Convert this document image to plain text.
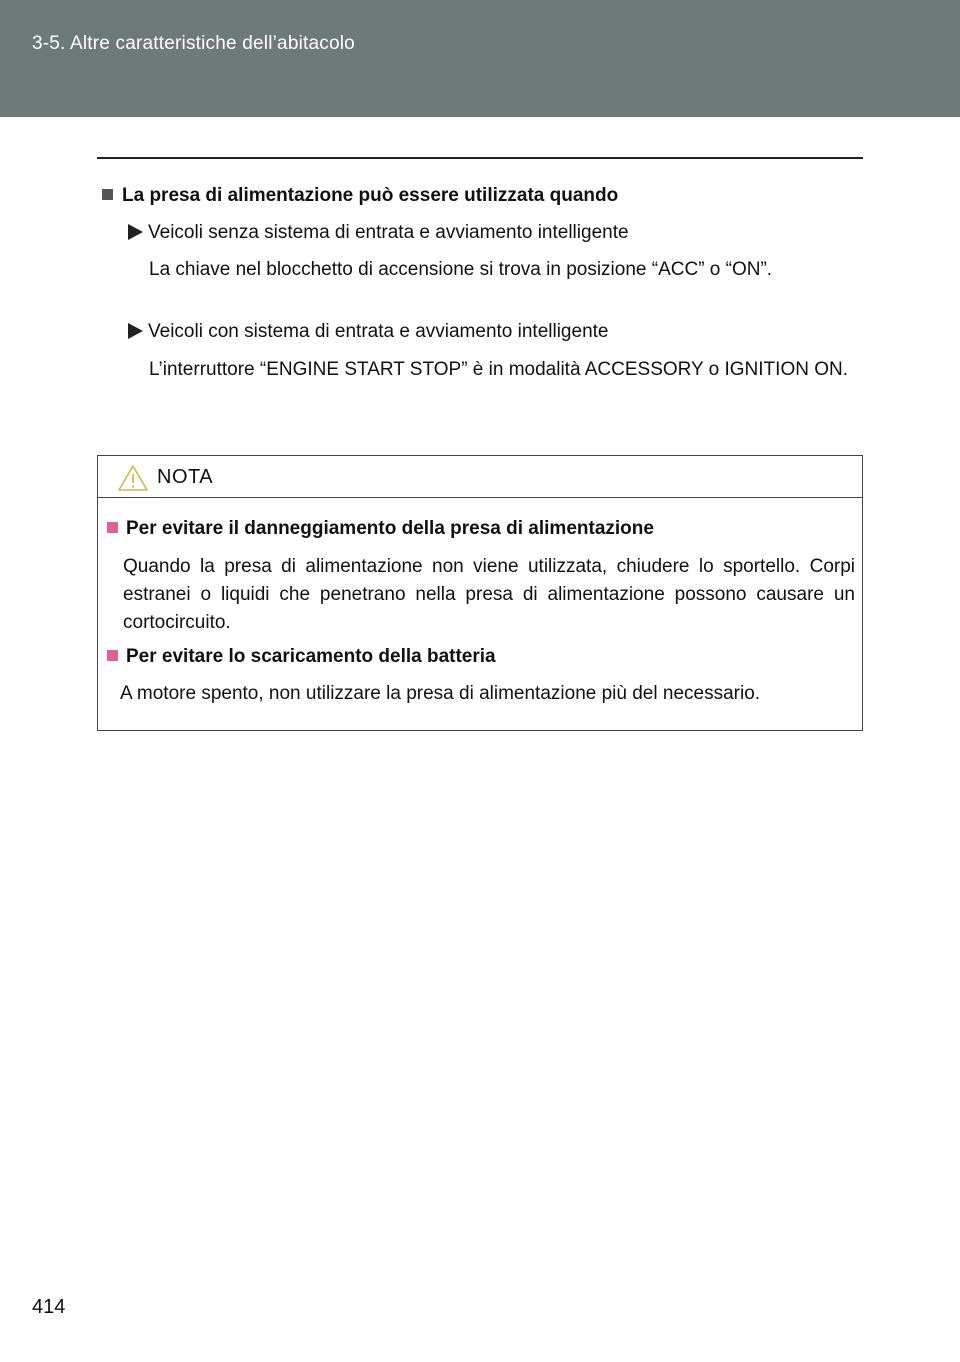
3-5. Altre caratteristiche dell’abitacolo
La presa di alimentazione può essere utilizzata quando
Veicoli senza sistema di entrata e avviamento intelligente
La chiave nel blocchetto di accensione si trova in posizione “ACC” o “ON”.
Veicoli con sistema di entrata e avviamento intelligente
L’interruttore “ENGINE START STOP” è in modalità ACCESSORY o IGNITION ON.
NOTA
Per evitare il danneggiamento della presa di alimentazione
Quando la presa di alimentazione non viene utilizzata, chiudere lo sportello. Corpi estranei o liquidi che penetrano nella presa di alimentazione possono causare un cortocircuito.
Per evitare lo scaricamento della batteria
A motore spento, non utilizzare la presa di alimentazione più del necessario.
414
